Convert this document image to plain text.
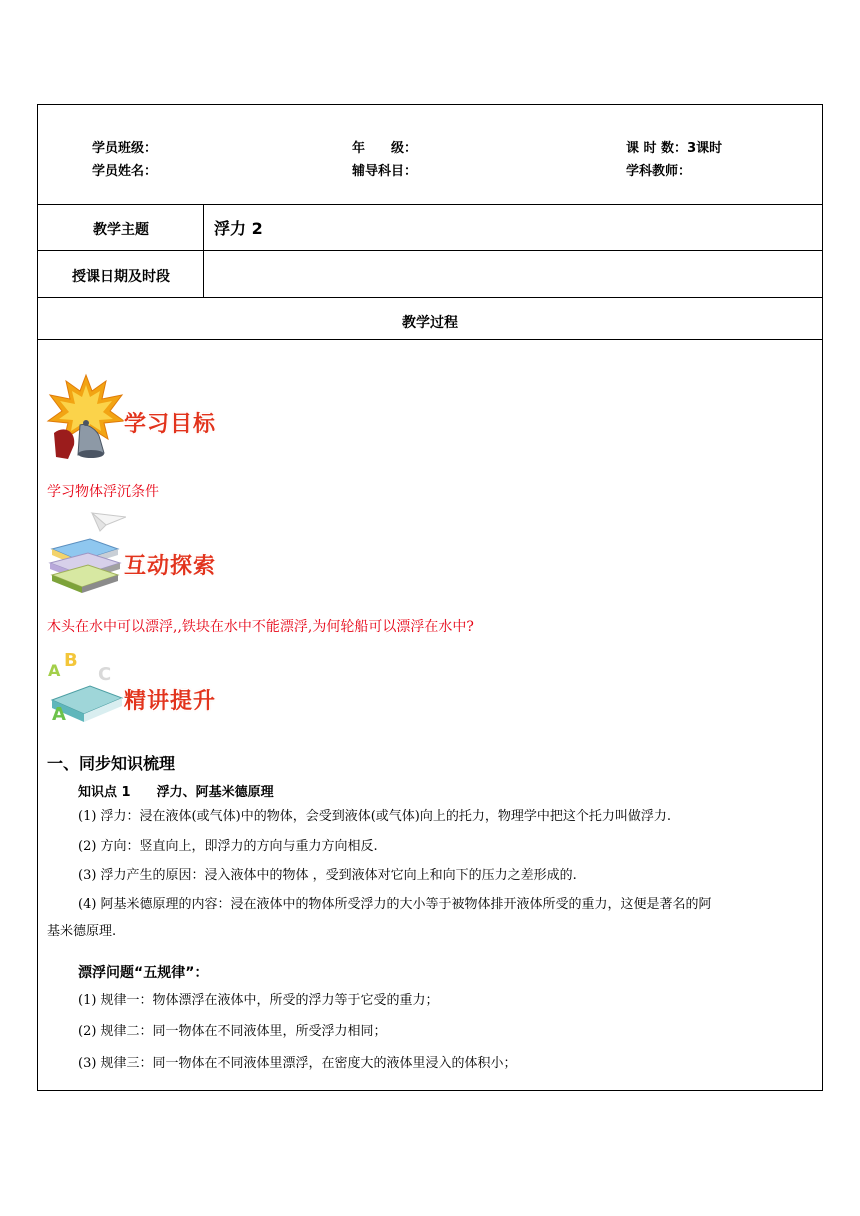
学员班级：	年　　级：	课 时 数：3课时
学员姓名：	辅导科目：	学科教师：
教学主题	浮力 2
授课日期及时段
教学过程
学习目标
学习物体浮沉条件
互动探索
木头在水中可以漂浮,,铁块在水中不能漂浮,为何轮船可以漂浮在水中?
B
A C
A
精讲提升
一、同步知识梳理
知识点 1　　浮力、阿基米德原理
(1) 浮力：浸在液体(或气体)中的物体，会受到液体(或气体)向上的托力，物理学中把这个托力叫做浮力.
(2) 方向：竖直向上，即浮力的方向与重力方向相反.
(3) 浮力产生的原因：浸入液体中的物体 ，受到液体对它向上和向下的压力之差形成的.
(4) 阿基米德原理的内容：浸在液体中的物体所受浮力的大小等于被物体排开液体所受的重力，这便是著名的阿
基米德原理.
漂浮问题“五规律”：
(1) 规律一：物体漂浮在液体中，所受的浮力等于它受的重力；
(2) 规律二：同一物体在不同液体里，所受浮力相同；
(3) 规律三：同一物体在不同液体里漂浮，在密度大的液体里浸入的体积小；
